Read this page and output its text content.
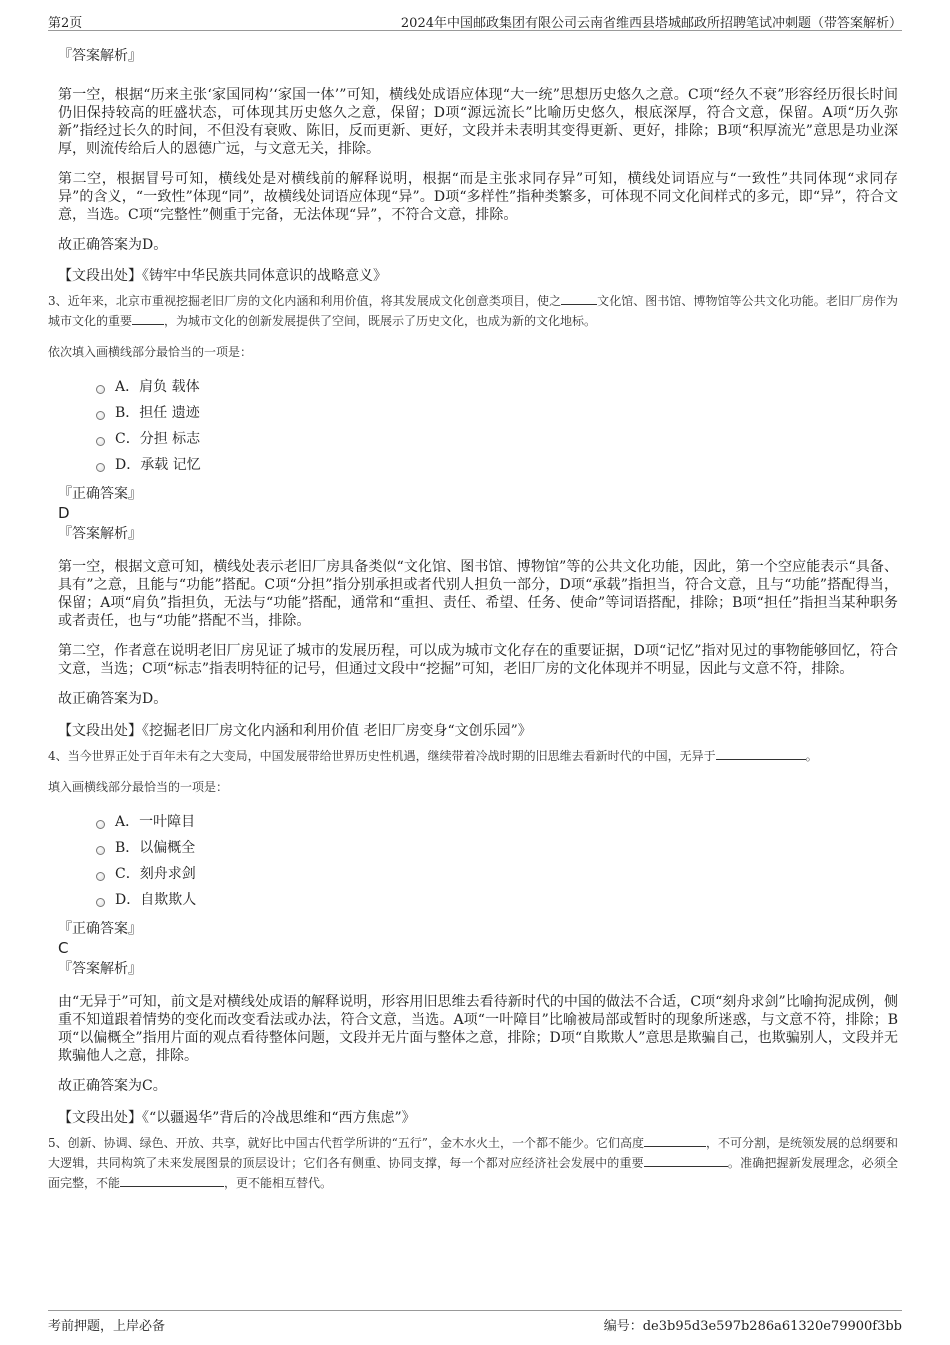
第2页	2024年中国邮政集团有限公司云南省维西县塔城邮政所招聘笔试冲刺题（带答案解析）
『答案解析』

第一空，根据“历来主张‘家国同构’‘家国一体’”可知，横线处成语应体现“大一统”思想历史悠久之意。C项“经久不衰”形容经历很长时间仍旧保持较高的旺盛状态，可体现其历史悠久之意，保留；D项“源远流长”比喻历史悠久，根底深厚，符合文意，保留。A项“历久弥新”指经过长久的时间，不但没有衰败、陈旧，反而更新、更好，文段并未表明其变得更新、更好，排除；B项“积厚流光”意思是功业深厚，则流传给后人的恩德广远，与文意无关，排除。

第二空，根据冒号可知，横线处是对横线前的解释说明，根据“而是主张求同存异”可知，横线处词语应与“一致性”共同体现“求同存异”的含义，“一致性”体现“同”，故横线处词语应体现“异”。D项“多样性”指种类繁多，可体现不同文化间样式的多元，即“异”，符合文意，当选。C项“完整性”侧重于完备，无法体现“异”，不符合文意，排除。

故正确答案为D。

【文段出处】《铸牢中华民族共同体意识的战略意义》

3、近年来，北京市重视挖掘老旧厂房的文化内涵和利用价值，将其发展成文化创意类项目，使之	文化馆、图书馆、博物馆等公共文化功能。老旧厂房作为城市文化的重要	，为城市文化的创新发展提供了空间，既展示了历史文化，也成为新的文化地标。

依次填入画横线部分最恰当的一项是：

A．肩负 载体
B．担任 遗迹
C．分担 标志
D．承载 记忆
『正确答案』
D
『答案解析』

第一空，根据文意可知，横线处表示老旧厂房具备类似“文化馆、图书馆、博物馆”等的公共文化功能，因此，第一个空应能表示“具备、具有”之意，且能与“功能”搭配。C项“分担”指分别承担或者代别人担负一部分，D项“承载”指担当，符合文意，且与“功能”搭配得当，保留；A项“肩负”指担负，无法与“功能”搭配，通常和“重担、责任、希望、任务、使命”等词语搭配，排除；B项“担任”指担当某种职务或者责任，也与“功能”搭配不当，排除。

第二空，作者意在说明老旧厂房见证了城市的发展历程，可以成为城市文化存在的重要证据，D项“记忆”指对见过的事物能够回忆，符合文意，当选；C项“标志”指表明特征的记号，但通过文段中“挖掘”可知，老旧厂房的文化体现并不明显，因此与文意不符，排除。

故正确答案为D。

【文段出处】《挖掘老旧厂房文化内涵和利用价值 老旧厂房变身“文创乐园”》

4、当今世界正处于百年未有之大变局，中国发展带给世界历史性机遇，继续带着冷战时期的旧思维去看新时代的中国，无异于	。

填入画横线部分最恰当的一项是：

A．一叶障目
B．以偏概全
C．刻舟求剑
D．自欺欺人
『正确答案』
C
『答案解析』

由“无异于”可知，前文是对横线处成语的解释说明，形容用旧思维去看待新时代的中国的做法不合适，C项“刻舟求剑”比喻拘泥成例，侧重不知道跟着情势的变化而改变看法或办法，符合文意，当选。A项“一叶障目”比喻被局部或暂时的现象所迷惑，与文意不符，排除；B项“以偏概全”指用片面的观点看待整体问题，文段并无片面与整体之意，排除；D项“自欺欺人”意思是欺骗自己，也欺骗别人，文段并无欺骗他人之意，排除。

故正确答案为C。

【文段出处】《“以疆遏华”背后的冷战思维和“西方焦虑”》

5、创新、协调、绿色、开放、共享，就好比中国古代哲学所讲的“五行”，金木水火土，一个都不能少。它们高度	，不可分割，是统领发展的总纲要和大逻辑，共同构筑了未来发展图景的顶层设计；它们各有侧重、协同支撑，每一个都对应经济社会发展中的重要	。准确把握新发展理念，必须全面完整，不能	，更不能相互替代。

考前押题，上岸必备	编号：de3b95d3e597b286a61320e79900f3bb
